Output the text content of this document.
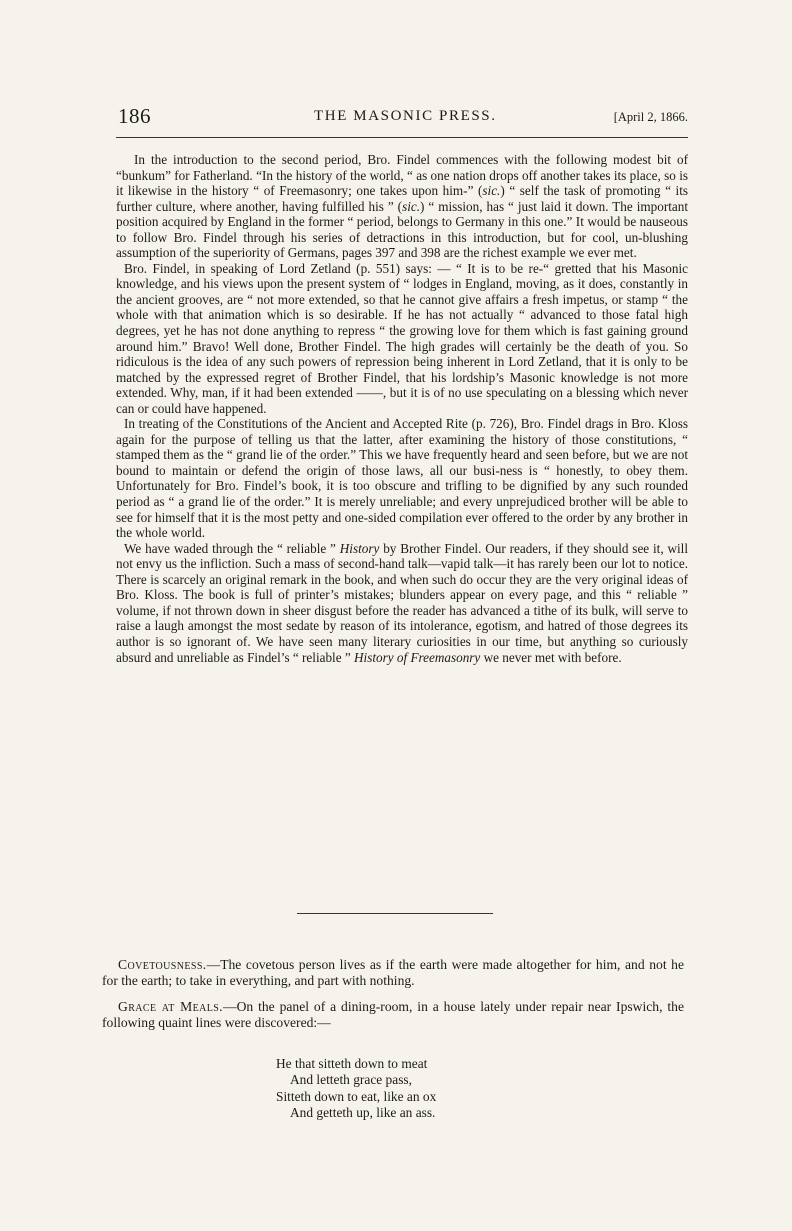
186	THE MASONIC PRESS.	[April 2, 1866.

In the introduction to the second period, Bro. Findel commences with the following modest bit of “bunkum” for Fatherland. “In the history of the world, “ as one nation drops off another takes its place, so is it likewise in the history “ of Freemasonry; one takes upon him-” (sic.) “ self the task of promoting “ its further culture, where another, having fulfilled his ” (sic.) “ mission, has “ just laid it down. The important position acquired by England in the former “ period, belongs to Germany in this one.” It would be nauseous to follow Bro. Findel through his series of detractions in this introduction, but for cool, un-blushing assumption of the superiority of Germans, pages 397 and 398 are the richest example we ever met.

Bro. Findel, in speaking of Lord Zetland (p. 551) says: — “ It is to be re-“ gretted that his Masonic knowledge, and his views upon the present system of “ lodges in England, moving, as it does, constantly in the ancient grooves, are “ not more extended, so that he cannot give affairs a fresh impetus, or stamp “ the whole with that animation which is so desirable. If he has not actually “ advanced to those fatal high degrees, yet he has not done anything to repress “ the growing love for them which is fast gaining ground around him.” Bravo! Well done, Brother Findel. The high grades will certainly be the death of you. So ridiculous is the idea of any such powers of repression being inherent in Lord Zetland, that it is only to be matched by the expressed regret of Brother Findel, that his lordship’s Masonic knowledge is not more extended. Why, man, if it had been extended ——, but it is of no use speculating on a blessing which never can or could have happened.

In treating of the Constitutions of the Ancient and Accepted Rite (p. 726), Bro. Findel drags in Bro. Kloss again for the purpose of telling us that the latter, after examining the history of those constitutions, “ stamped them as the “ grand lie of the order.” This we have frequently heard and seen before, but we are not bound to maintain or defend the origin of those laws, all our busi-ness is “ honestly, to obey them. Unfortunately for Bro. Findel’s book, it is too obscure and trifling to be dignified by any such rounded period as “ a grand lie of the order.” It is merely unreliable; and every unprejudiced brother will be able to see for himself that it is the most petty and one-sided compilation ever offered to the order by any brother in the whole world.

We have waded through the “ reliable ” History by Brother Findel. Our readers, if they should see it, will not envy us the infliction. Such a mass of second-hand talk—vapid talk—it has rarely been our lot to notice. There is scarcely an original remark in the book, and when such do occur they are the very original ideas of Bro. Kloss. The book is full of printer’s mistakes; blunders appear on every page, and this “ reliable ” volume, if not thrown down in sheer disgust before the reader has advanced a tithe of its bulk, will serve to raise a laugh amongst the most sedate by reason of its intolerance, egotism, and hatred of those degrees its author is so ignorant of. We have seen many literary curiosities in our time, but anything so curiously absurd and unreliable as Findel’s “ reliable ” History of Freemasonry we never met with before.

Covetousness.—The covetous person lives as if the earth were made altogether for him, and not he for the earth; to take in everything, and part with nothing.

Grace at Meals.—On the panel of a dining-room, in a house lately under repair near Ipswich, the following quaint lines were discovered:—

He that sitteth down to meat
And letteth grace pass,
Sitteth down to eat, like an ox
And getteth up, like an ass.
